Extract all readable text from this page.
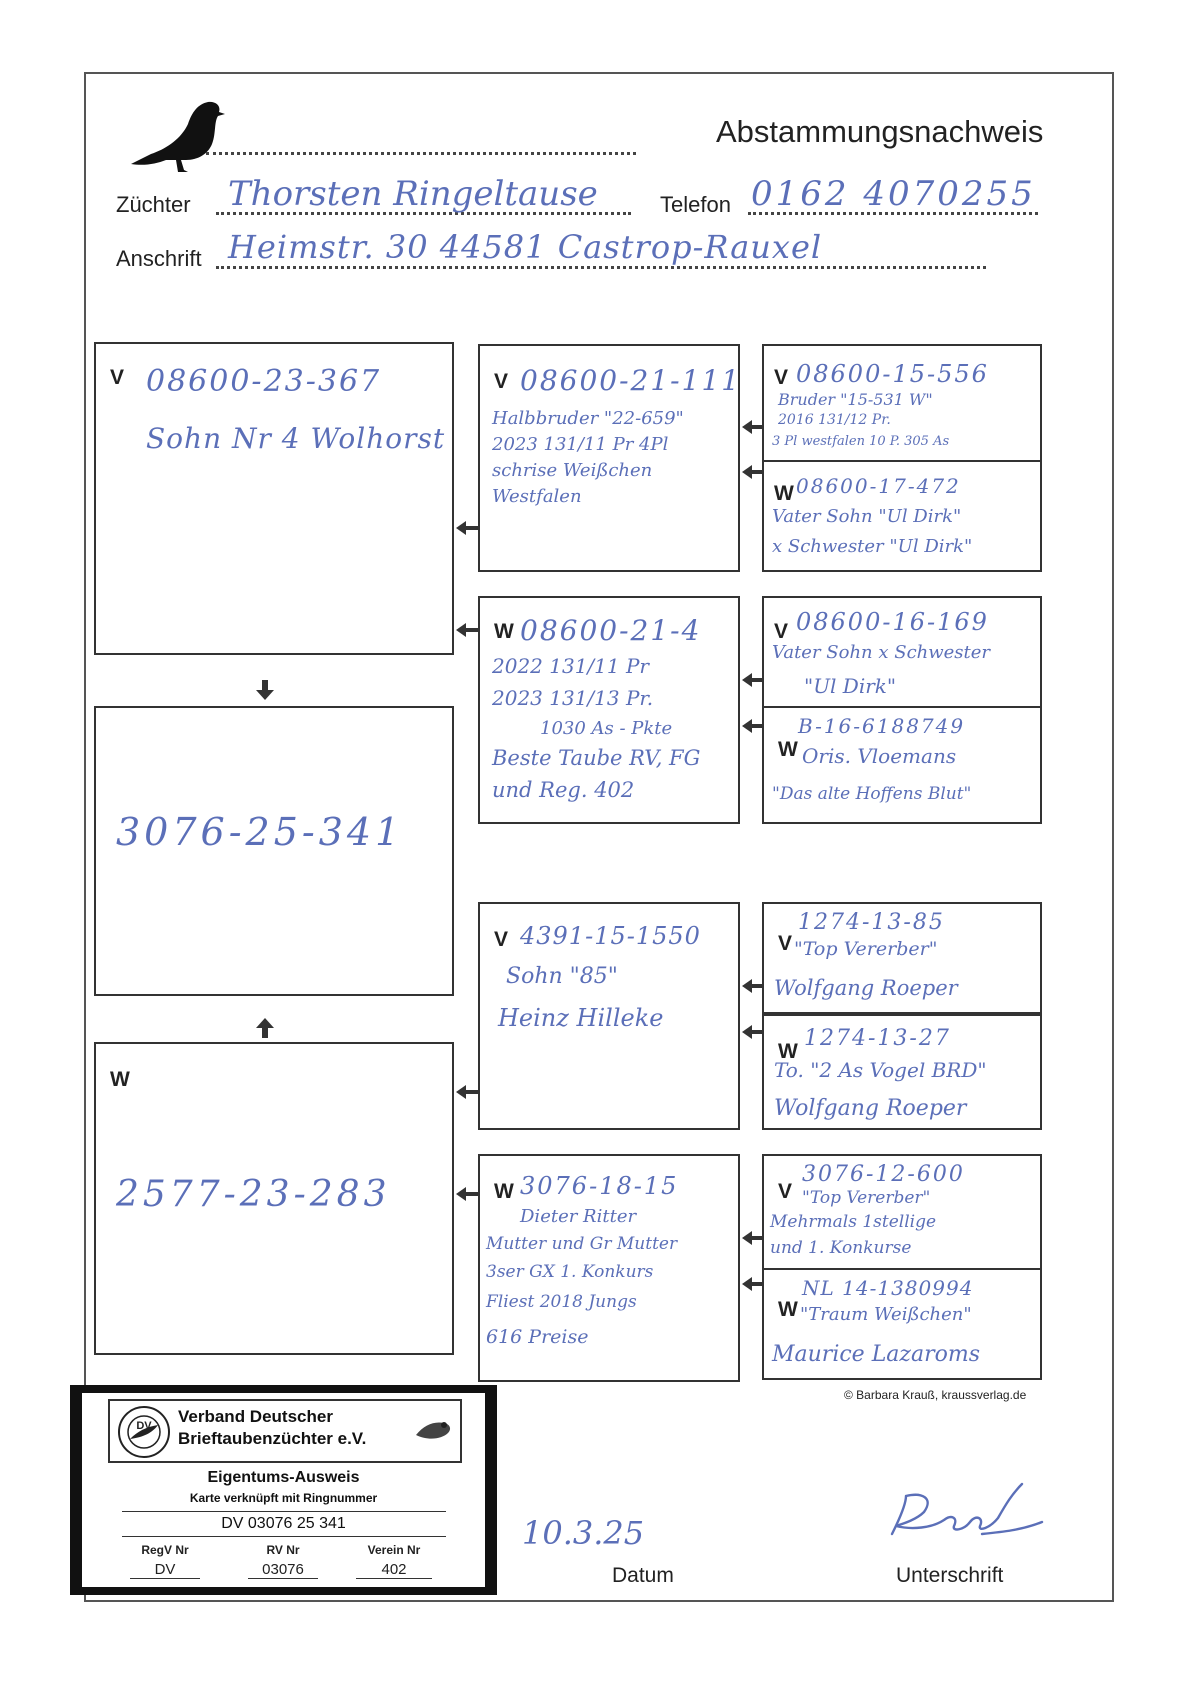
Abstammungsnachweis
Züchter Thorsten Ringeltause	Telefon 0162 4070255
Anschrift Heimstr. 30 44581 Castrop-Rauxel
V 08600-23-367
Sohn Nr 4 Wolhorst
3076-25-341
W
2577-23-283
V 08600-21-111
Halbbruder "22-659"
2023 131/11 Pr 4Pl
schrise Weißchen
Westfalen
W 08600-21-4
2022 131/11 Pr
2023 131/13 Pr.
1030 As - Pkte
Beste Taube RV, FG
und Reg. 402
V 4391-15-1550
Sohn "85"
Heinz Hilleke
W 3076-18-15
Dieter Ritter
Mutter und Gr Mutter
3ser GX 1. Konkurs
Fliest 2018 Jungs
616 Preise
V 08600-15-556
Bruder "15-531 W"
2016 131/12 Pr.
3 Pl westfalen 10 P. 305 As
W 08600-17-472
Vater Sohn "Ul Dirk"
x Schwester "Ul Dirk"
V 08600-16-169
Vater Sohn x Schwester
"Ul Dirk"
W
B-16-6188749
Oris. Vloemans
"Das alte Hoffens Blut"
V
1274-13-85
"Top Vererber"
Wolfgang Roeper
W
1274-13-27
To. "2 As Vogel BRD"
Wolfgang Roeper
V
3076-12-600
"Top Vererber"
Mehrmals 1stellige
und 1. Konkurse
W
NL 14-1380994
"Traum Weißchen"
Maurice Lazaroms
© Barbara Krauß, kraussverlag.de
10.3.25
Datum	Unterschrift
DV Verband Deutscher
Brieftaubenzüchter e.V.
Eigentums-Ausweis
Karte verknüpft mit Ringnummer
DV 03076 25 341
RegV Nr
DV
RV Nr
03076
Verein Nr
402
